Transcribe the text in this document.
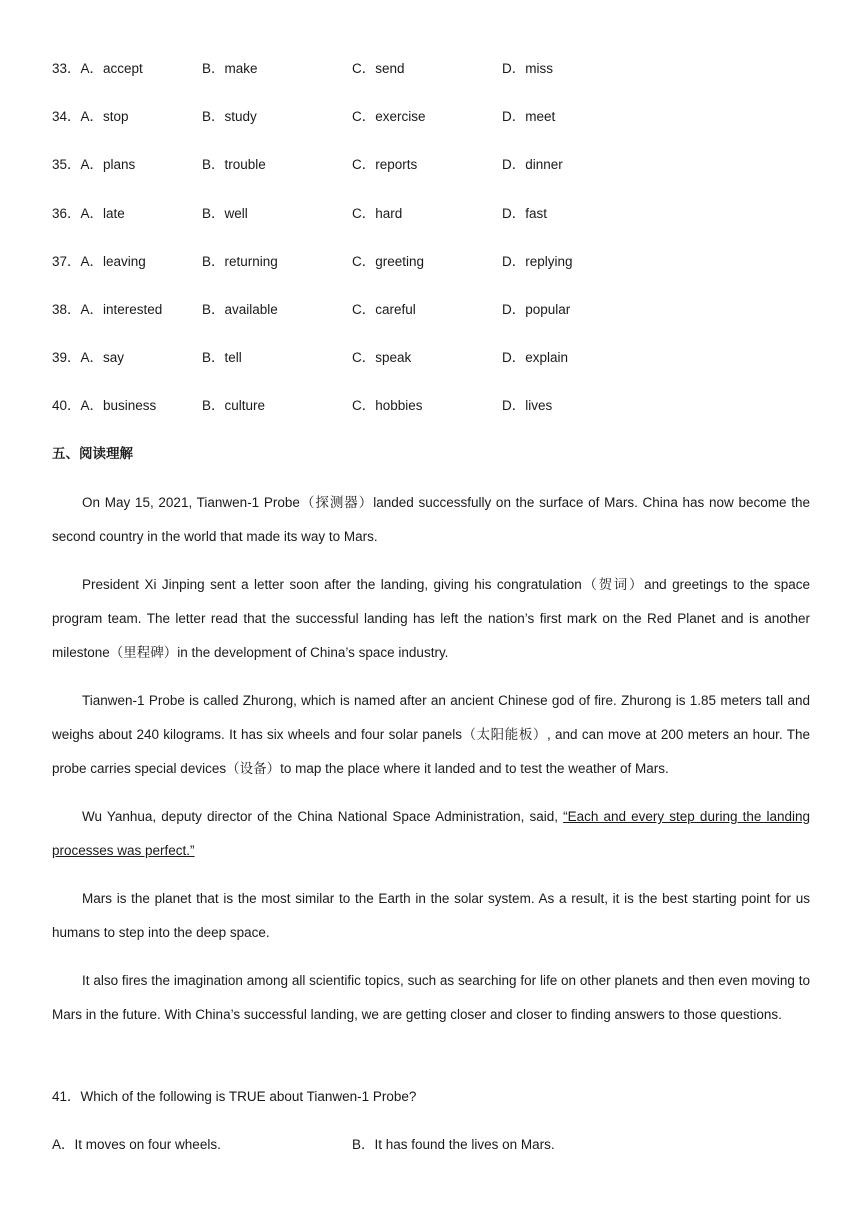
33．A．accept	B．make	C．send	D．miss
34．A．stop	B．study	C．exercise	D．meet
35．A．plans	B．trouble	C．reports	D．dinner
36．A．late	B．well	C．hard	D．fast
37．A．leaving	B．returning	C．greeting	D．replying
38．A．interested	B．available	C．careful	D．popular
39．A．say	B．tell	C．speak	D．explain
40．A．business	B．culture	C．hobbies	D．lives
五、阅读理解

On May 15, 2021, Tianwen-1 Probe（探测器）landed successfully on the surface of Mars. China has now become the second country in the world that made its way to Mars.

President Xi Jinping sent a letter soon after the landing, giving his congratulation（贺词）and greetings to the space program team. The letter read that the successful landing has left the nation’s first mark on the Red Planet and is another milestone（里程碑）in the development of China’s space industry.

Tianwen-1 Probe is called Zhurong, which is named after an ancient Chinese god of fire. Zhurong is 1.85 meters tall and weighs about 240 kilograms. It has six wheels and four solar panels（太阳能板）, and can move at 200 meters an hour. The probe carries special devices（设备）to map the place where it landed and to test the weather of Mars.

Wu Yanhua, deputy director of the China National Space Administration, said, “Each and every step during the landing processes was perfect.”

Mars is the planet that is the most similar to the Earth in the solar system. As a result, it is the best starting point for us humans to step into the deep space.

It also fires the imagination among all scientific topics, such as searching for life on other planets and then even moving to Mars in the future. With China’s successful landing, we are getting closer and closer to finding answers to those questions.

41．Which of the following is TRUE about Tianwen-1 Probe?
A．It moves on four wheels.	B．It has found the lives on Mars.
